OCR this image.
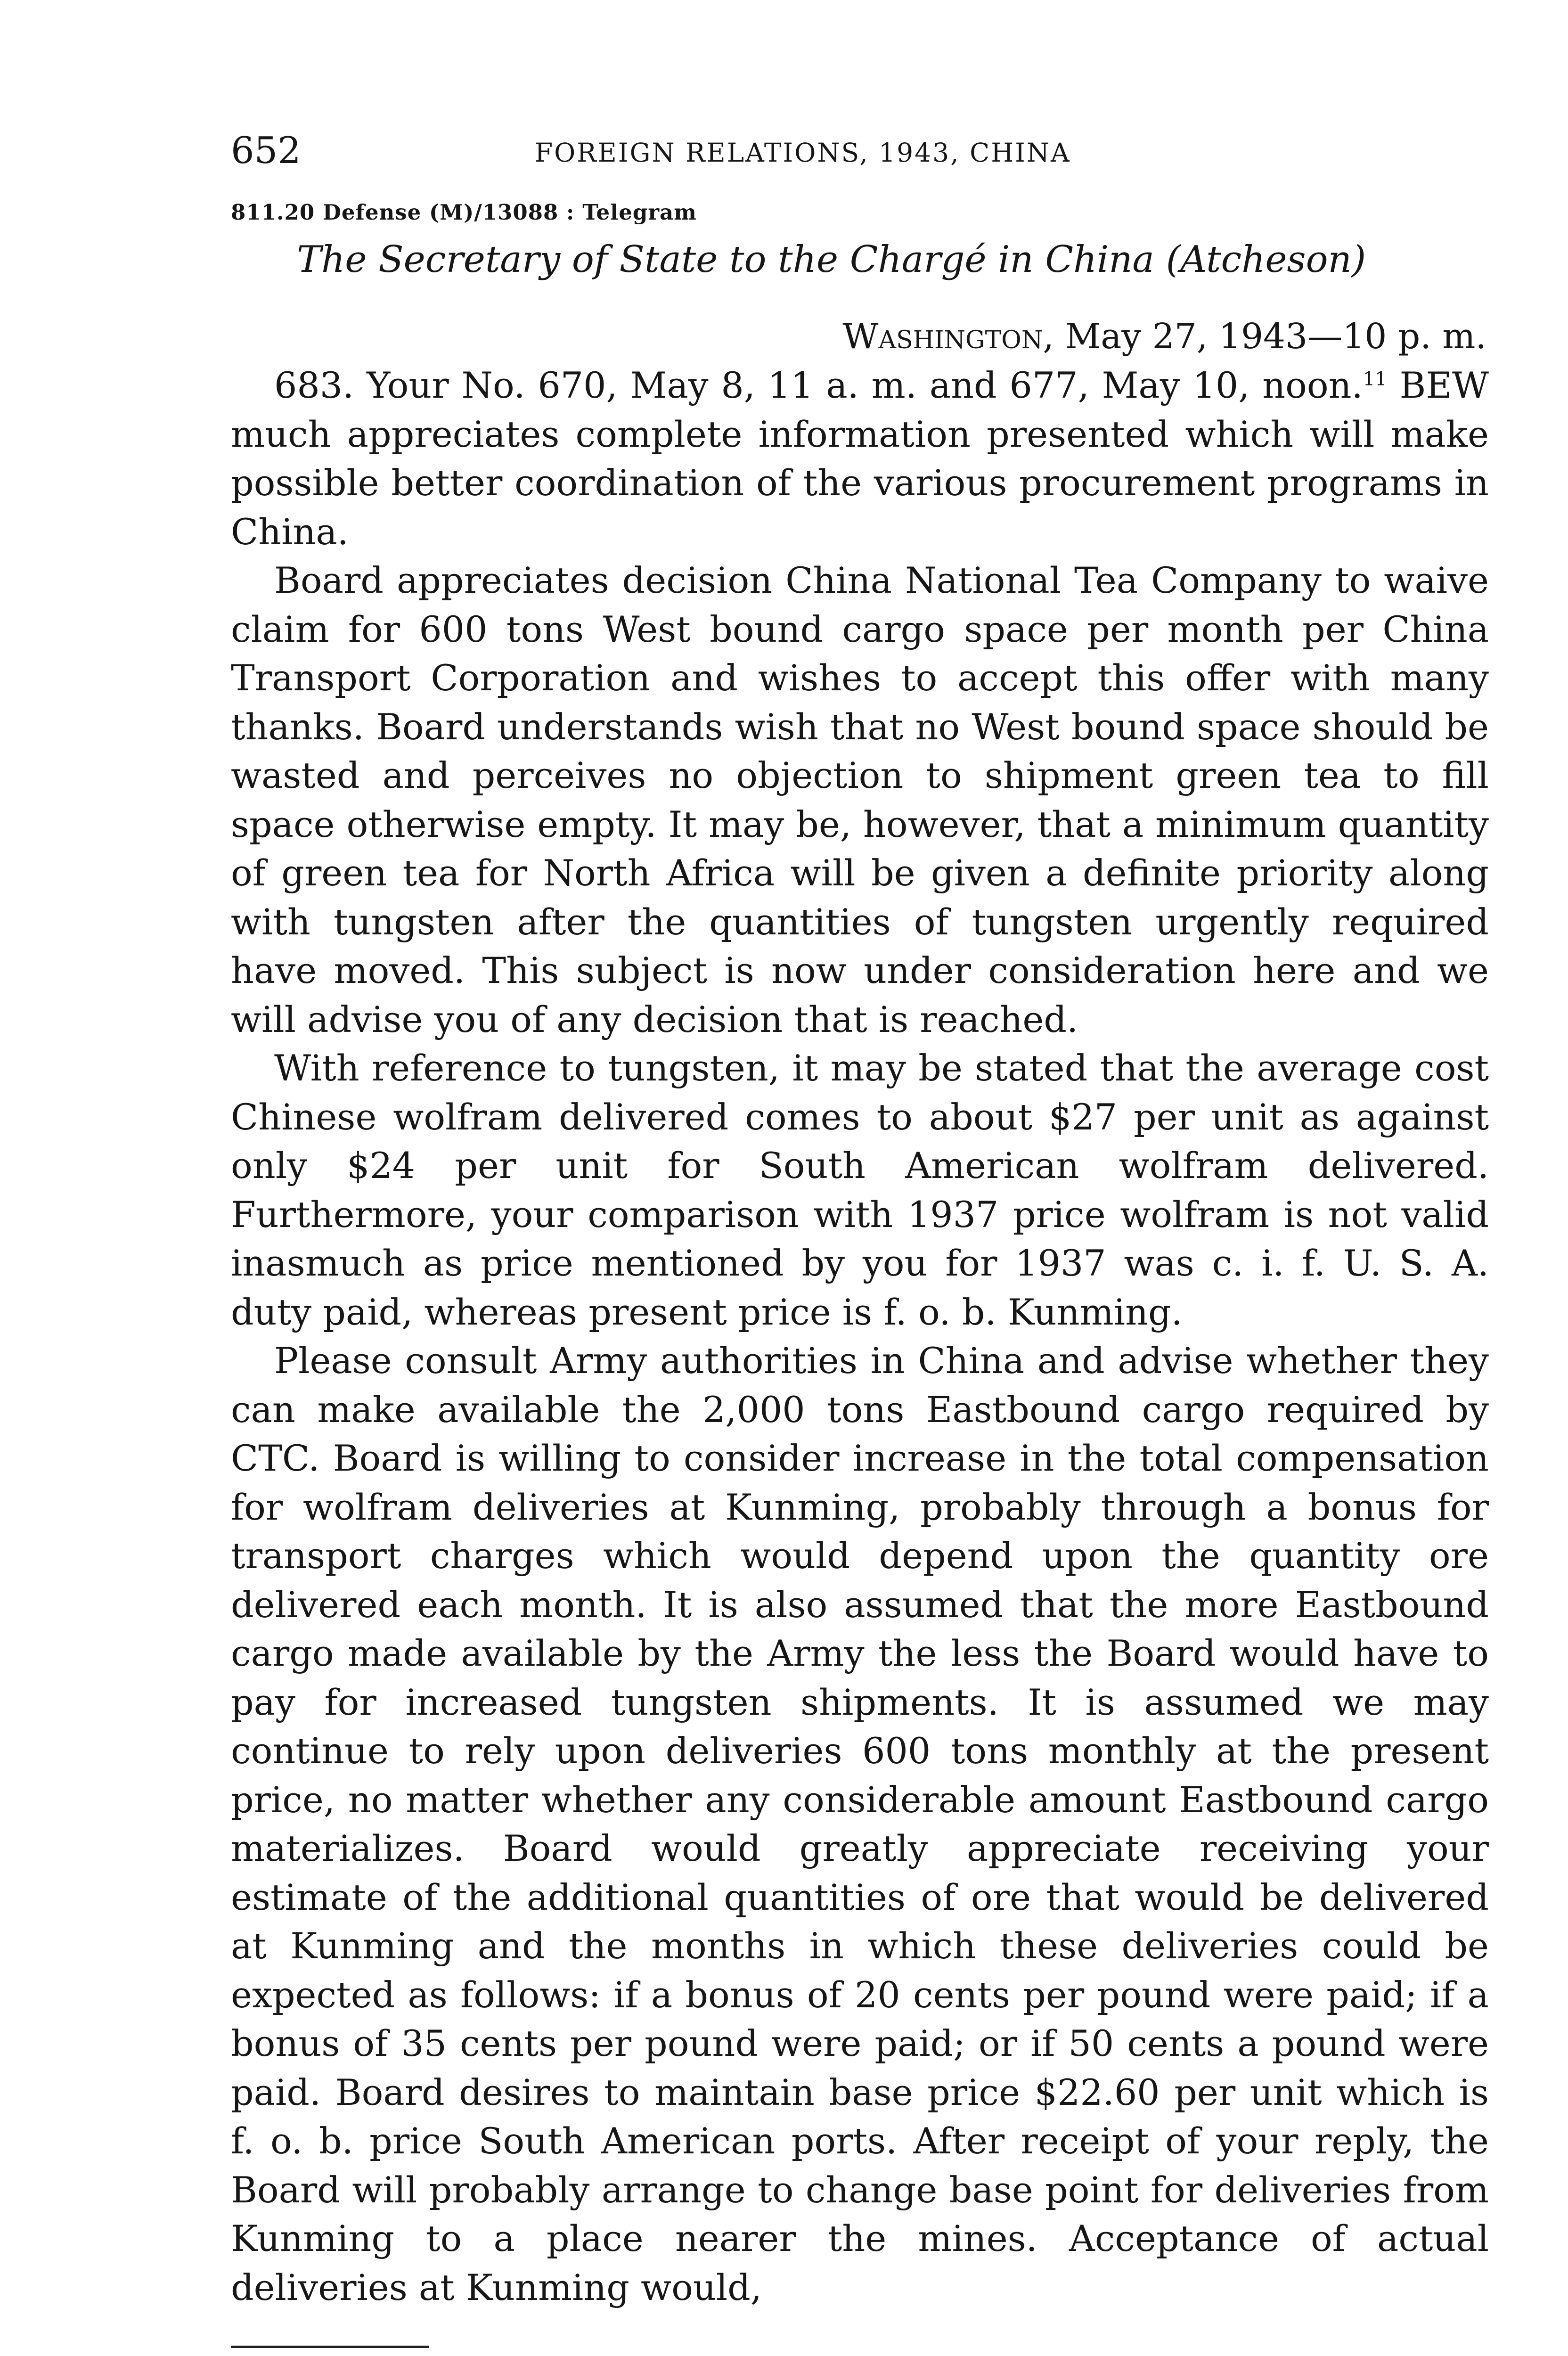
652	FOREIGN RELATIONS, 1943, CHINA
811.20 Defense (M)/13088 : Telegram
The Secretary of State to the Chargé in China (Atcheson)
Washington, May 27, 1943—10 p. m.

683. Your No. 670, May 8, 11 a. m. and 677, May 10, noon.$^{11}$ BEW much appreciates complete information presented which will make possible better coordination of the various procurement programs in China.

Board appreciates decision China National Tea Company to waive claim for 600 tons West bound cargo space per month per China Transport Corporation and wishes to accept this offer with many thanks. Board understands wish that no West bound space should be wasted and perceives no objection to shipment green tea to fill space otherwise empty. It may be, however, that a minimum quantity of green tea for North Africa will be given a definite priority along with tungsten after the quantities of tungsten urgently required have moved. This subject is now under consideration here and we will advise you of any decision that is reached.

With reference to tungsten, it may be stated that the average cost Chinese wolfram delivered comes to about $27 per unit as against only $24 per unit for South American wolfram delivered. Furthermore, your comparison with 1937 price wolfram is not valid inasmuch as price mentioned by you for 1937 was c. i. f. U. S. A. duty paid, whereas present price is f. o. b. Kunming.

Please consult Army authorities in China and advise whether they can make available the 2,000 tons Eastbound cargo required by CTC. Board is willing to consider increase in the total compensation for wolfram deliveries at Kunming, probably through a bonus for transport charges which would depend upon the quantity ore delivered each month. It is also assumed that the more Eastbound cargo made available by the Army the less the Board would have to pay for increased tungsten shipments. It is assumed we may continue to rely upon deliveries 600 tons monthly at the present price, no matter whether any considerable amount Eastbound cargo materializes. Board would greatly appreciate receiving your estimate of the additional quantities of ore that would be delivered at Kunming and the months in which these deliveries could be expected as follows: if a bonus of 20 cents per pound were paid; if a bonus of 35 cents per pound were paid; or if 50 cents a pound were paid. Board desires to maintain base price $22.60 per unit which is f. o. b. price South American ports. After receipt of your reply, the Board will probably arrange to change base point for deliveries from Kunming to a place nearer the mines. Acceptance of actual deliveries at Kunming would,
